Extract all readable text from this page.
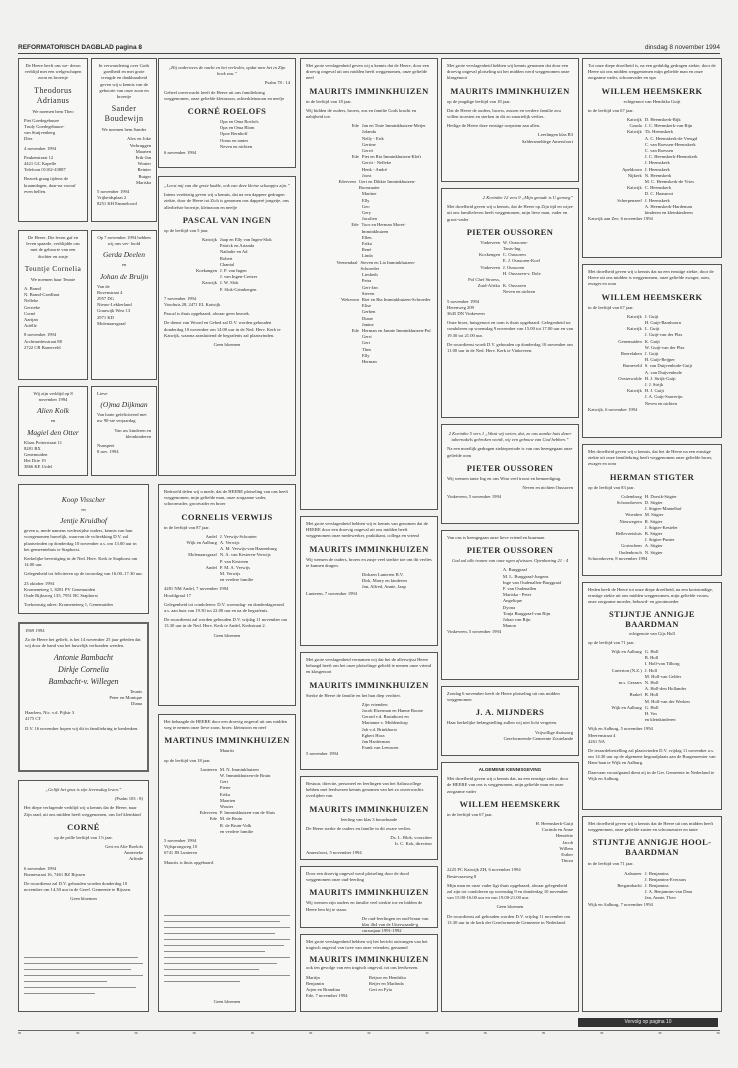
REFORMATORISCH DAGBLAD pagina 8	dinsdag 8 november 1994

De Heere heeft ons we- deron verblijd met een welgeschapen zoon en broertje

Theodorus Adrianus

We noemen hem Theo

Piet Goedegebuure
Trudy Goedegebuure-
van Stuijvenberg
Dies

4 november 1994

Paukenstraat 12
4421 GC Kapelle
Telefoon 01102-43887

Bezoek graag tijdens de kraamdagen, daar-na vooraf even bellen.

De Heere, Die leven gaf en leven spaarde, verblijdde ons met de geboorte van een dochter en zusje

Teuntje Cornelia

We noemen haar Teunie

A. Brand
N. Brand-Goedhart
Nelleke
Gerrieke
Corné
Aartjan
Ariëlle

8 november 1994
Archimedesstraat 88
2722 CR Barneveld

Wij zijn verblijd op 8 november 1994

Alien Kolk

en

Magiel den Otter

Klaas Potterstraat 11
8281 BX
Genemuiden
Het Drie 19
3866 KE Urdel

Koop Visscher

en

Jentje Kruidhof

geven u, mede namens wederzijdse ouders, kennis van hun voorgenomen huwelijk, waarvan de voltrekking D.V. zal plaatsvinden op donderdag 10 november a.s. om 13.00 uur in het gemeentehuis te Staphorst.

Kerkelijke bevestiging in de Ned. Herv. Kerk te Staphorst om 14.00 uur.

Gelegenheid tot feliciteren op de trouwdag van 16.00–17.30 uur.

23 oktober 1994
Kromeneteeg 1, 8281 PV Genemuiden
Oude Rijksweg 135, 7951 BC Staphorst

Toekomstig adres: Kromeneteeg 1, Genemuiden

1969 1994

Zo de Heere het gelieft, is het 14 november 25 jaar geleden dat wij door de hand van het huwelijk verbonden werden.

Antonie Bambacht
Dirkje Cornelia
Bambacht-v. Willegen

Teunis
Peter en Monique
Diana

Haarlem, Nic. v.d. Pijlstr 3
4175 CT

D.V. 16 november hopen wij dit in familiekring te herdenken.

„Gelijk het gras is zijn levensdag leven.”

(Psalm 103 : 8)

Het diepe verlagende verblijd wij u kennis dat de Heere, naar Zijn raad, uit ons midden heeft weggenomen, ons lief kleinkind

CORNÉ

op de prille leeftijd van 1½ jaar.

Gert en Alie Roelofs
Annerieke
Arlinde

6 november 1994
Bonnestraat 16, 7461 BZ Rijssen

De rouwdienst zal D.V. gehouden worden donderdag 10 november om 14.30 uur in de Geref. Gemeente te Rijssen.

Geen bloemen

In verwondering over Gods goedheid en met grote vreugde en dankbaarheid geven wij u kennis van de geboorte van onze zoon en broertje

Sander Boudewijn

We noemen hem Sander

Alex en Joke
Verbruggen
Maarten
Erik-Jan
Wouter
Reinier
Rutger
Mariska

5 november 1994
Vrijheidsplaat 2
8251 KH Emmeloord

Op 7 november 1994 hebben wij ons ver- loofd

Gerda Deelen

en

Johan de Bruijn

Van de
Bovenstraat 4
2957 DG
Nieuw-Lekkerland
Grauwijk West 13
2971 KD
Molenaarsgraaf

Lieve

(O)ma Dijkman

Van harte gefeliciteerd met uw 90-ste verjaardag

Van uw kinderen en kleinkinderen

Nunspeet
8 nov. 1994

Bedroefd delen wij u mede, dat de HEERE plotseling van ons heeft weggenomen, mijn geliefde man, onze zorgzame vader, schoonvader, grootvader en broer

CORNELIS VERWIJS

in de leeftijd van 87 jaar.

Andel J. Verwijs-Schouten
Wijk en Aalburg A. Verwijs
A. M. Verwijs-van Haarenburg
Molenaarsgraaf N. A. van Kesteren-Verwijs
P. van Kesteren
Andel P. M. A. Verwijs
M. Verwijs
en verdere familie

4281 NM Andel, 7 november 1994
Hoofdgraaf 17

Gelegenheid tot condoleren: D.V. woensdag- en donderdagavond a.s. aan huis van 19.30 tot 22.00 uur en na de begrafenis.

De rouwdienst zal worden gehouden D.V. vrijdag 11 november om 13.30 uur in de Ned. Herv. Kerk te Andel, Kerkstraat 2.

Geen bloemen

Het behaagde de HEERE door een droevig ongeval uit ons midden weg te nemen onze lieve zoon, broer, kleinzoon en neef

MARTINUS IMMINKHUIZEN

Maurits

op de leeftijd van 18 jaar.

Lunteren M. N. Imminkhuizen
W. Imminkhuizen-de Bruin
Gert
Pieter
Erika
Maarten
Wouter
Ederveen P. Imminkhuizen-van de Sluis
Ede M. de Bruin
R. de Bruin-Volk
en verdere familie

5 november 1994
Vijfsprongweg 10
6741 JB Lunteren

Maurits is thuis opgebaard.

Geen bloemen

„Hij onderwees de nacht en het verleden, opdat men het in Zijn boek zou.”

Psalm 78 : 14

Geheel onverwacht heeft de Heere uit ons familiekring weggenomen, onze geliefde kleinzoon, achterkleinzoon en neefje

CORNÉ ROELOFS
Opa en Oma Roelofs
Opa en Oma Blom
Opoe Bernhoff
Ooms en tantes
Neven en nichten

6 november 1994

„Leest mij van die grote kudde, ook van deze kleine schaapjes zijn.”

Intens verdrietig geven wij u kennis, dat na een dappere gedragen ziekte, door de Heere tot Zich is genomen ons dapperé jongetje, ons allerliefste broertje, kleinzoon en neefje

PASCAL VAN INGEN

op de leeftijd van 5 jaar.

Katwijk Jaap en Elly van Ingen-Slok
Patrick en Arianda
Nathalie en Ad
Robert
Chantal
Koekangen J. P. van Ingen
J. van Ingen-Creizer
Katwijk J. W. Slok
F. Slok-Grimbergen

7 november 1994
Voorhuis 28, 2471 EL Katwijk

Pascal is thuis opgebaard, alwaar geen bezoek.

De dienst van Woord en Gebed zal D.V. worden gehouden donderdag 10 november om 14.00 uur in de Ned. Herv. Kerk te Katwijk, waarna aansluitend de begrafenis zal plaatsvinden.

Geen bloemen

Met grote verslagenheid geven wij u kennis dat de Heere, door een droevig ongeval uit ons midden heeft weggenomen, onze geliefde neef

MAURITS IMMINKHUIZEN

in de leeftijd van 18 jaar.

Wij bidden de ouders, broers, zus en familie Gods kracht en nabijheid toe.

Ede Jan en Tinie Imminkhuizen-Meijer
Jolanda
Nelly - Erik
Gertine
Gerrit
Ede Piet en Ria Imminkhuizen-Kleft
Gerrit - Nelleke
Henk - André
Joost
Ederveen Gert en Dikkie Imminkhuizen-Boonzaaier
Martine
Elly
Geo
Gery
Jacolien
Ede Toos en Herman Moret-Imminkhuizen
Ellen
Erika
René
Linda
Veenendaal Steven en Lia Imminkhuizen-Schroeder
Liesbeth
Petra
Gert-Jan
Steven
Wekerom Riet en Ria Imminkhuizen-Schroeder
Elise
Gerben
Diane
Janine
Ede Herman en Jannie Imminkhuizen-Pul
Gerri
Gert
Theo
Elly
Herman

Met grote verslagenheid hebben wij er kennis van genomen dat de HEERE door een droevig ongeval uit ons midden heeft weggenomen onze medewerker, praktikant, collega en vriend

MAURITS IMMINKHUIZEN

Wij wensen de ouders, broers en zusje veel sterkte toe om dit verlies te kunnen dragen.

Dirkzen Lunteren B.V.
Dirk, Marry en kinderen
Jan, Alfred, Annie, Jaap

Lunteren, 7 november 1994

Met grote verslagenheid vernamen wij dat het de allerwijsst Heere behaagd heeft om het onze plotselinge geliefd te nemen onze vriend en klasgenoot

MAURITS IMMINKHUIZEN

Sterke de Heere de familie en het hun diep verdriet.

Zijn vrienden:
Jacob Elzerman en Hanne Boone
Gerard v.d. Bruinhorst en
Marianne v. Middendorp
Job v.d. Brinkhorst
Egbert Hora
Jan Harderman
Frank van Leeuwen

5 november 1994

Bestuur, directie, personeel en leerlingen van het Saliuscollege hebben met leedwezen kennis genomen van het zo onverwachts overlijden van

MAURITS IMMINKHUIZEN

leerling van klas 3 bouwkunde

De Heere sterke de ouders en familie in dit zware verlies.

Ds. L. Blok, voorzitter
Ir. C. Kok, directeur

Amersfoort, 5 november 1994

Door een droevig ongeval werd plotseling door de dood weggenomen onze oud-leerling

MAURITS IMMINKHUIZEN

Wij wensen zijn ouders en familie veel sterkte toe en bidden de Heere hen bij te staan.

De oud-leerlingen en oud-leraar van
klas 4b4 van de Uiterwaarde-g
cursusjaar 1991-1992

Met grote verslagenheid hebben wij het bericht ontvangen van het tragisch ongeval van twee van onze vrienden, genaamd

MAURITS IMMINKHUIZEN

ook ten gevolge van een tragisch ongeval, tot ons leedwezen.

Martijn	Reijser en Hendrika
Benjamin	Reijer en Marlinda
Arjen en Brandina	Gert en Fyia

Ede, 7 november 1994

Met grote verslagenheid hebben wij kennis genomen dat door een droevig ongeval plotseling uit het midden werd weggenomen onze klasgenoot

MAURITS IMMINKHUIZEN

op de jeugdige leeftijd van 18 jaar.

Dat de Heere de ouders, broers, zussen en verdere familie zou willen troosten en sterken in dit zo smartelijk verlies.

Heilige de Heere deze ernstige roepstem aan allen.

Leerlingen klas B3
Saldersmeldege Amersfoort

2 Korinthe 12 vers 9 „Mijn genade is U genoeg”

Met droefheid geven wij u kennis, dat de Heere op Zijn tijd en wijze uit ons familieleven heeft weggenomen, mijn lieve man, vader en groot-vader

PIETER OUSSOREN
Vinkeveen W. Oussoren-
Tanis-Ing
Kockengen C. Oussoren
E. J. Oussoren-Koel
Vinkeveen J. Oussoren
H. Oussoren-v. Dole
Pol Chef Stroess,
Zuid-Afrika K. Oussoren
Neven en nichten

5 november 1994
Herenweg 209
3645 DN Vinkeveen

Onze broer, huisgenoot en oom is thuis opgebaard. Gelegenheid tot condoleren op woensdag 9 november van 15.00 tot 17.00 uur en van 19.30 tot 21.00 uur.

De rouwdienst wordt D.V. gehouden op donderdag 10 november om 11.00 uur in de Ned. Herv. Kerk te Vinkeveen.

2 Korinthe 5 vers 1 „Want wij weten, dat, zo ons aardse huis dezer tabernakels gebroken wordt, wij een gebouw van God hebben.”

Na een moeilijk gedragen ziekteperiode is van ons heengegaan onze geliefde oom

PIETER OUSSOREN

Wij wensen tante Ing en ons Wim veel troost en bemoediging.

Neven en nichten Oussoren

Vinkeveen, 5 november 1994

Van ons is heengegaan onze lieve vriend en buurman

PIETER OUSSOREN

God zal alle tranen van onze ogen afwissen. Openbaring 21 : 4

A. Burggraaf
M. L. Burggraaf-Jurgens
Inge van Oudenallen-Burggraaf
F. van Oudenallen
Mariska - Peter
Angelique
Dyona
Tonja Burggraaf-van Rijn
Johan van Rijn
Manon

Vinkeveen, 5 november 1994

Zondag 6 november heeft de Heere plotseling uit ons midden weggenomen

J. A. MIJNDERS

Haar herkelijke belangstelling zullen wij niet licht vergeten.

Vrijwillige thuiszorg
Gereformeerde Gemeente Zoutelande

ALGEMENE KENNISGEVING

Met droefheid geven wij u kennis dat, na een ernstige ziekte, door de HEERE van ons is weggenomen, mijn geliefde man en onze zorgzame vader

WILLEM HEEMSKERK

in de leeftijd van 67 jaar.

H. Heemskerk-Guijt
Corinda en Anne
Henriëtte
Jacob
Willem
Esther
Thirza

2225 PC Katwijk ZH, 6 november 1994
Bestevaarweg 8

Mijn man en onze vader ligt thuis opgebaard, alwaar gelegenheid zal zijn tot condoleren op woensdag 9 en donderdag 10 november van 15.00-16.00 uur en van 19.00-21.00 uur.

Geen bloemen

De rouwdienst zal gehouden worden D.V. vrijdag 11 november om 13.30 uur in de kerk der Gereformeerde Gemeente in Nederland.

Tot onze diepe droefheid is, na een geduldig gedragen ziekte, door de Heere uit ons midden weggenomen mijn geliefde man en onze zorgzame vader, schoonvader en opa

WILLEM HEEMSKERK

echtgenoot van Hendrika Guijt

in de leeftijd van 67 jaar.

Katwijk D. Heemskerk-Rijk
Gouda J. C. Heemskerk-van Rijn
Katwijk Th. Heemskerk
A. C. Heemskerk-de Vreugd
C. van Roessen-Heemskerk
C. van Roessen
J. C. Heemskerk-Heemskerk
J. Heemskerk
Apeldoorn J. Heemskerk
Nijkerk N. Heemskerk
M. C. Heemskerk-de Vries
Katwijk C. Heemskerk
D. C. Haasnoot
Scherpenzeel J. Heemskerk
A. Heemskerk-Hardeman
kinderen en kleinkinderen

Katwijk aan Zee, 6 november 1994

Met droefheid geven wij u kennis dat na een ernstige ziekte, door de Heere uit ons midden is weggenomen, onze geliefde zwager, oom, zwager en oom

WILLEM HEEMSKERK

in de leeftijd van 67 jaar.

Katwijk J. Guijt
H. Guijt-Barnhoorn
Katwijk L. Guijt
J. Guijt-van der Plas
Genemuiden K. Guijt
W. Guijt-van der Plas
Boerelaken J. Guijt
H. Guijt-Reijper
Barneveld S. van Duijvenbode-Guijt
A. van Duijvenbode
Oosterwolde H. J. Strijk-Guijt
J. J. Strijk
Katwijk H. J. Guijt
J. A. Guijt-Saaverijn
Neven en nichten

Katwijk, 6 november 1994

Met droefheid geven wij u kennis, dat het de Heere na een ernstige ziekte uit onze familiekring heeft weggenomen onze geliefde broer, zwager en oom

HERMAN STIGTER

op de leeftijd van 83 jaar.

Culemborg H. Dorsik-Stigter
Schoonhoven D. Stigter
J. Stigter-Mantelhof
Woerden M. Stigter
Nieuwegein R. Stigter
J. Stigter-Kesteler
Hellevoetsluis B. Stigter
J. Stigter-Punter
Gorinchem A. Stigter
Oudenbosch N. Stigter

Schoonhoven, 8 november 1994

Heden heeft de Heere tot onze diepe droefheid, na een kortstondige, ernstige ziekte uit ons midden weggenomen, mijn geliefde vrouw, onze zorgzame moeder, behuwd- en grootmoeder

STIJNTJE ANNIGJE BAARDMAN

echtgenote van Gijs Holl

op de leeftijd van 71 jaar.

Wijk en Aalburg G. Holl
B. Holl
I. Holl-van Tilborg
Carterton (N.Z.) J. Holl
M. Holl-van Gelder
m.s. Geraars N. Holl
A. Holl-den Hollander
Brakel B. Holl
M. Holl-van der Werken
Wijk en Aalburg G. Holl
H. Vos
en kleinkinderen

Wijk en Aalburg, 5 november 1994
Meerenstraat 4
4261 NA

De teraardebestelling zal plaatsvinden D.V. vrijdag 11 november a.s. om 14.30 uur op de algemene begraafplaats aan de Burgemeester van Ham-laan te Wijk en Aalburg.

Daarvaan voorafgaand dient zij in de Ger. Gemeente in Nederland te Wijk en Aalburg.

Met droefheid geven wij u kennis dat de Heere uit ons midden heeft weggenomen, onze geliefde zuster en schoonzuster en tante

STIJNTJE ANNIGJE HOOL-BAARDMAN

in de leeftijd van 71 jaar.

Aalsmeer J. Benjamins
J. Benjamins-Everaars
Bergambacht J. Benjamins
J. A. Benjamins-van Dam
Jan, Annie, Theo

Wijk en Aalburg, 7 november 1994

Vervolg op pagina 10
≈	≈	≈	≈	≈	≈	≈	≈	≈	≈	≈	≈	≈
